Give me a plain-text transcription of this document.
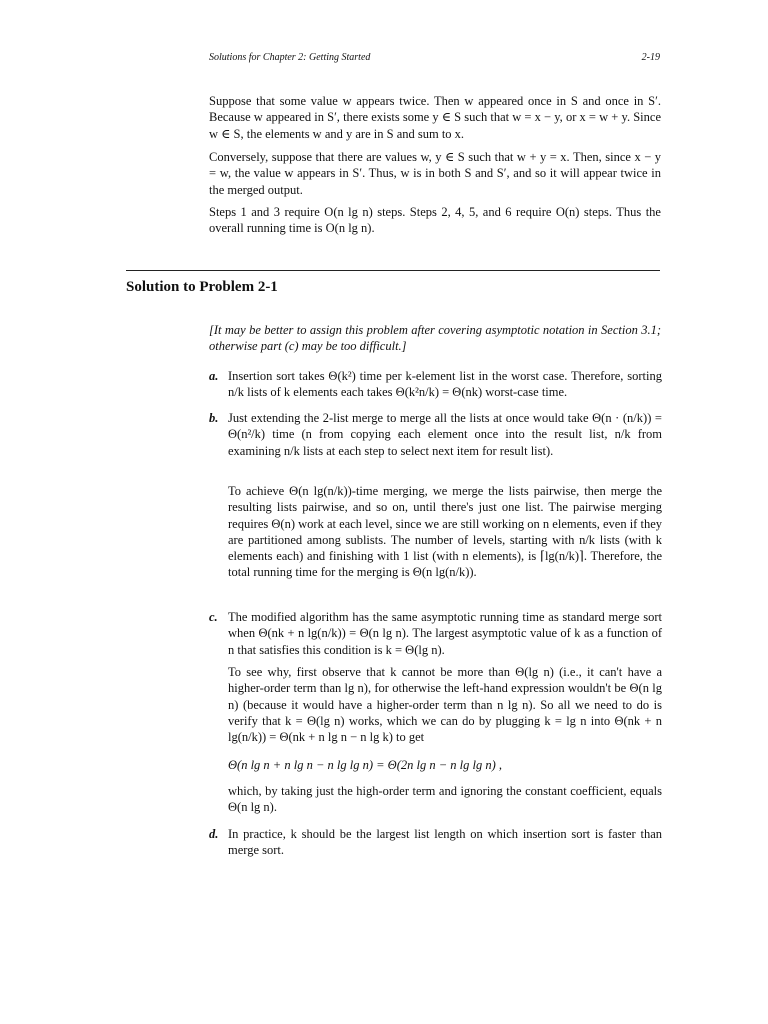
Solutions for Chapter 2: Getting Started	2-19
Suppose that some value w appears twice. Then w appeared once in S and once in S′. Because w appeared in S′, there exists some y ∈ S such that w = x − y, or x = w + y. Since w ∈ S, the elements w and y are in S and sum to x.
Conversely, suppose that there are values w, y ∈ S such that w + y = x. Then, since x − y = w, the value w appears in S′. Thus, w is in both S and S′, and so it will appear twice in the merged output.
Steps 1 and 3 require O(n lg n) steps. Steps 2, 4, 5, and 6 require O(n) steps. Thus the overall running time is O(n lg n).
Solution to Problem 2-1
[It may be better to assign this problem after covering asymptotic notation in Section 3.1; otherwise part (c) may be too difficult.]
a. Insertion sort takes Θ(k²) time per k-element list in the worst case. Therefore, sorting n/k lists of k elements each takes Θ(k²n/k) = Θ(nk) worst-case time.
b. Just extending the 2-list merge to merge all the lists at once would take Θ(n · (n/k)) = Θ(n²/k) time (n from copying each element once into the result list, n/k from examining n/k lists at each step to select next item for result list).
To achieve Θ(n lg(n/k))-time merging, we merge the lists pairwise, then merge the resulting lists pairwise, and so on, until there's just one list. The pairwise merging requires Θ(n) work at each level, since we are still working on n elements, even if they are partitioned among sublists. The number of levels, starting with n/k lists (with k elements each) and finishing with 1 list (with n elements), is ⌈lg(n/k)⌉. Therefore, the total running time for the merging is Θ(n lg(n/k)).
c. The modified algorithm has the same asymptotic running time as standard merge sort when Θ(nk + n lg(n/k)) = Θ(n lg n). The largest asymptotic value of k as a function of n that satisfies this condition is k = Θ(lg n).
To see why, first observe that k cannot be more than Θ(lg n) (i.e., it can't have a higher-order term than lg n), for otherwise the left-hand expression wouldn't be Θ(n lg n) (because it would have a higher-order term than n lg n). So all we need to do is verify that k = Θ(lg n) works, which we can do by plugging k = lg n into Θ(nk + n lg(n/k)) = Θ(nk + n lg n − n lg k) to get
Θ(n lg n + n lg n − n lg lg n) = Θ(2n lg n − n lg lg n) ,
which, by taking just the high-order term and ignoring the constant coefficient, equals Θ(n lg n).
d. In practice, k should be the largest list length on which insertion sort is faster than merge sort.
